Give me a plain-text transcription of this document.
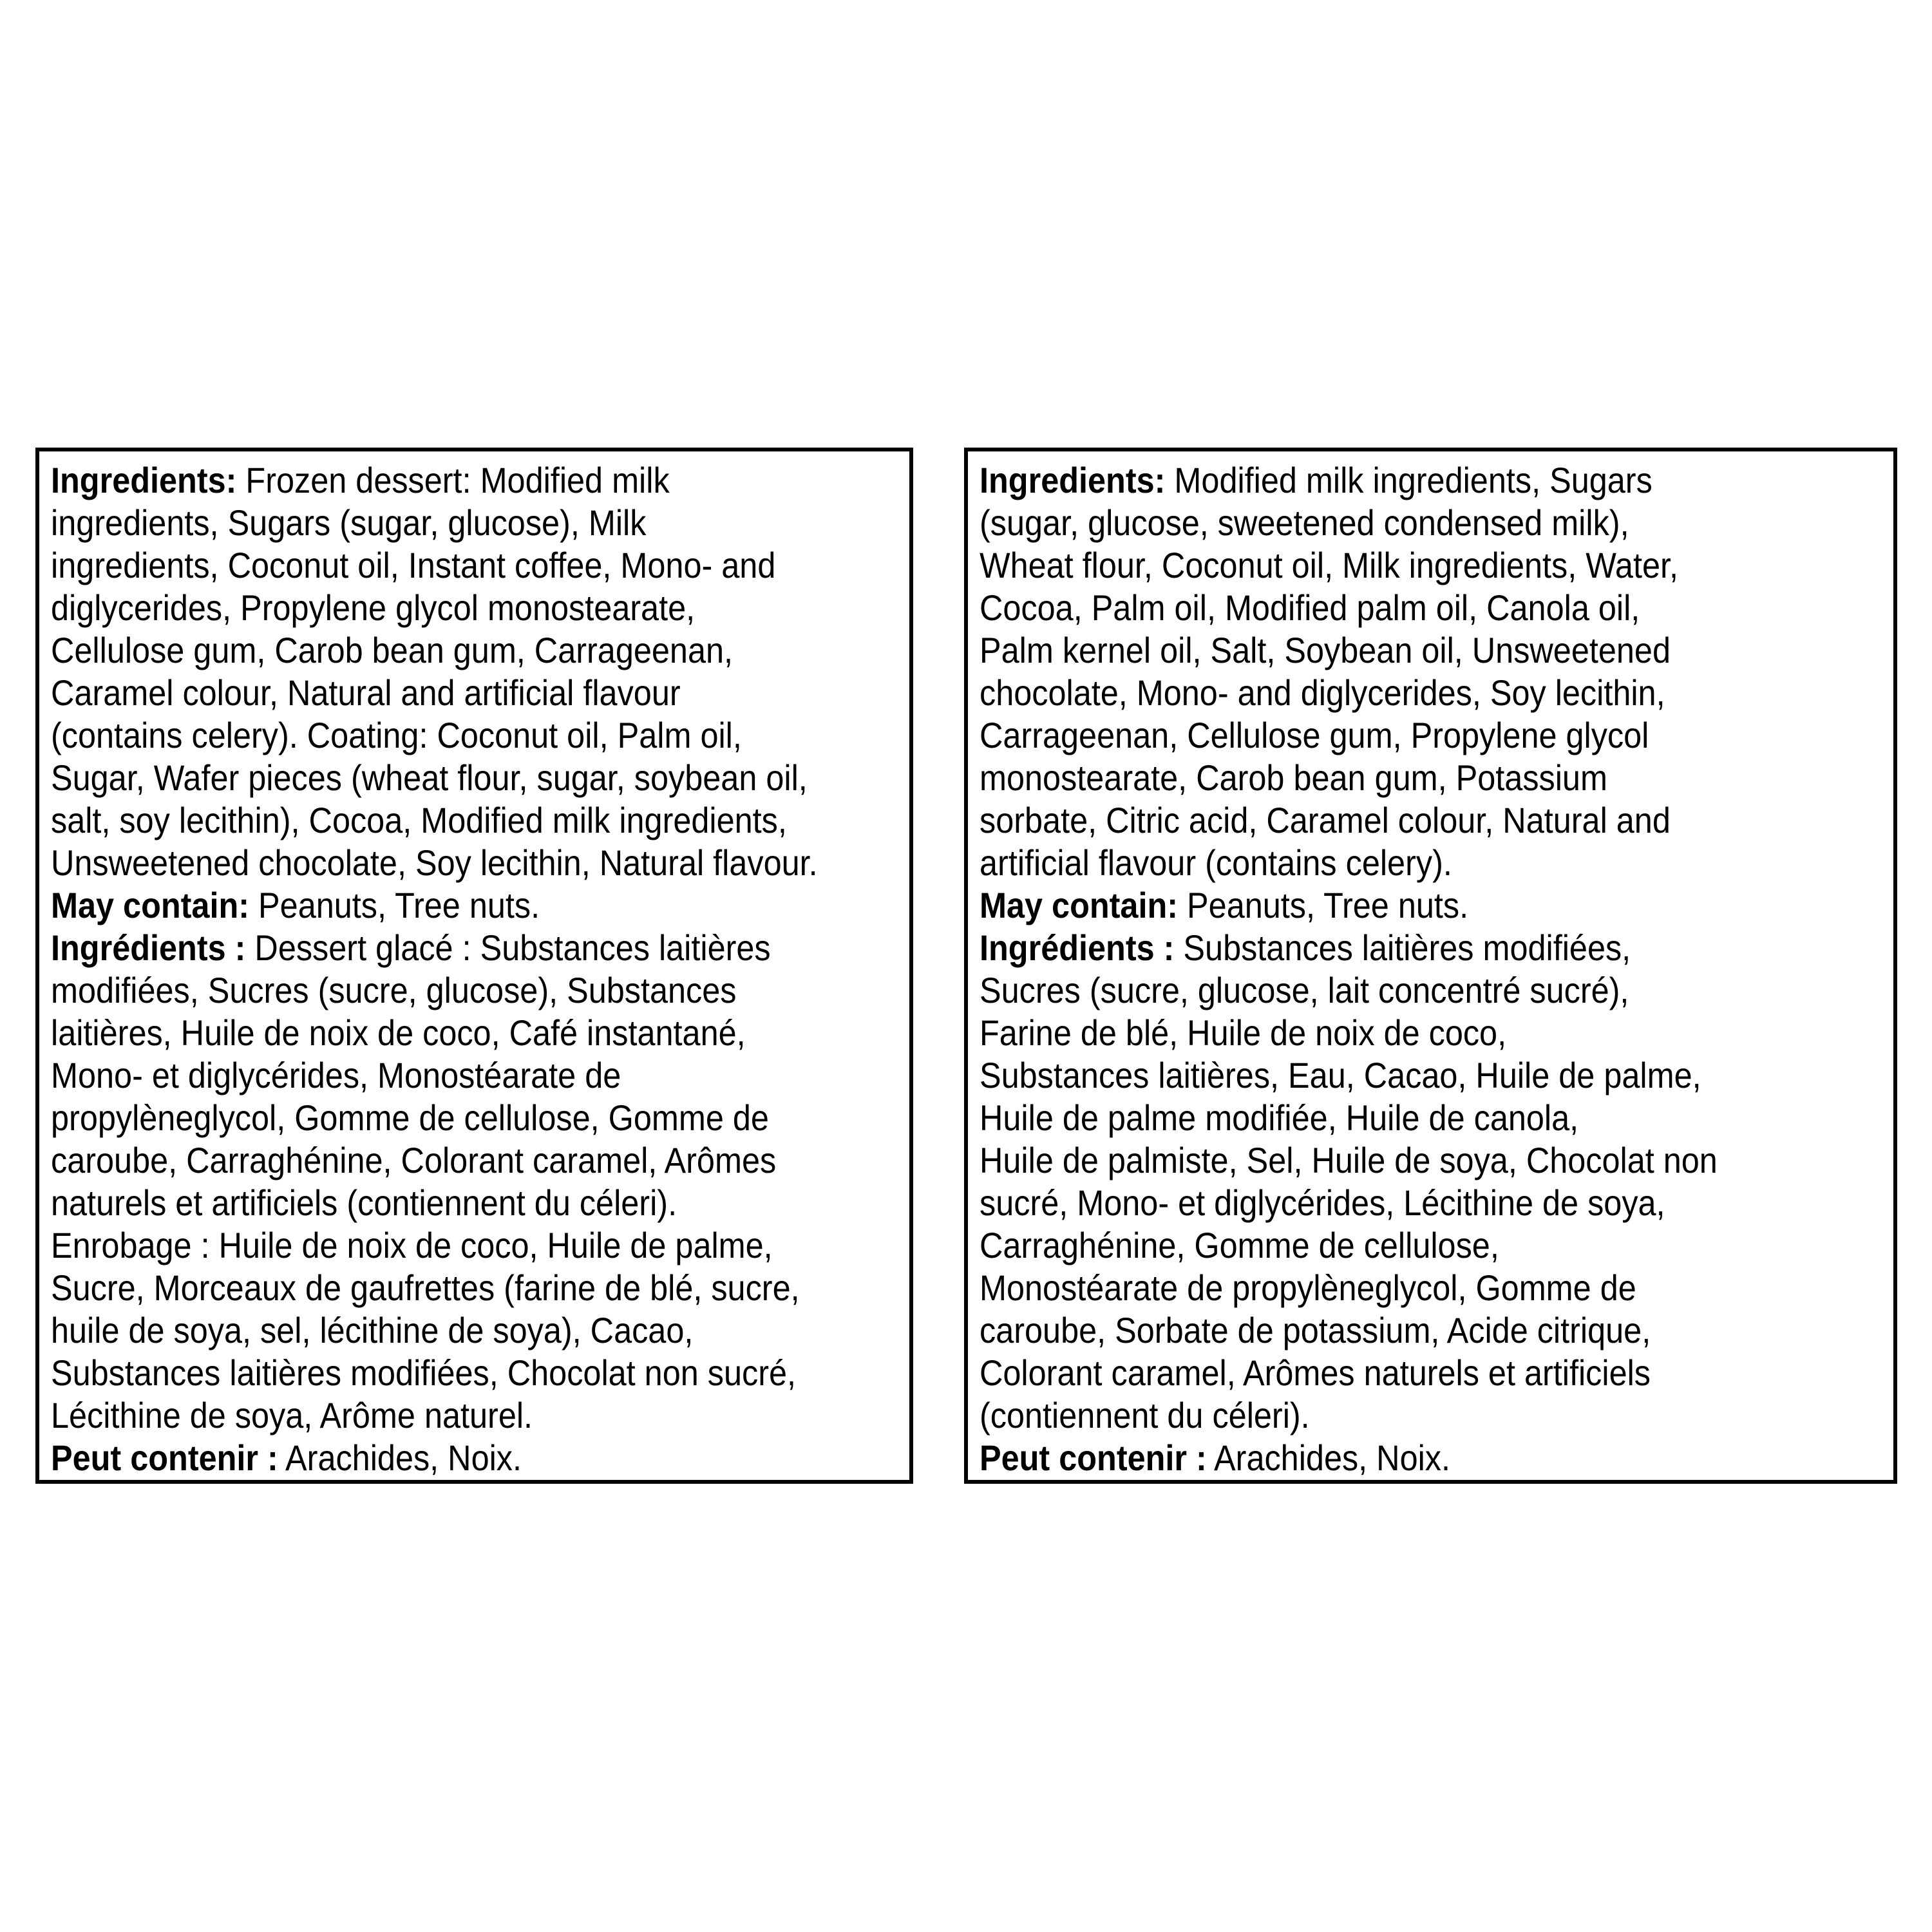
Ingredients: Frozen dessert: Modified milk
ingredients, Sugars (sugar, glucose), Milk
ingredients, Coconut oil, Instant coffee, Mono- and
diglycerides, Propylene glycol monostearate,
Cellulose gum, Carob bean gum, Carrageenan,
Caramel colour, Natural and artificial flavour
(contains celery). Coating: Coconut oil, Palm oil,
Sugar, Wafer pieces (wheat flour, sugar, soybean oil,
salt, soy lecithin), Cocoa, Modified milk ingredients,
Unsweetened chocolate, Soy lecithin, Natural flavour.
May contain: Peanuts, Tree nuts.
Ingrédients : Dessert glacé : Substances laitières
modifiées, Sucres (sucre, glucose), Substances
laitières, Huile de noix de coco, Café instantané,
Mono- et diglycérides, Monostéarate de
propylèneglycol, Gomme de cellulose, Gomme de
caroube, Carraghénine, Colorant caramel, Arômes
naturels et artificiels (contiennent du céleri).
Enrobage : Huile de noix de coco, Huile de palme,
Sucre, Morceaux de gaufrettes (farine de blé, sucre,
huile de soya, sel, lécithine de soya), Cacao,
Substances laitières modifiées, Chocolat non sucré,
Lécithine de soya, Arôme naturel.
Peut contenir : Arachides, Noix.
Ingredients: Modified milk ingredients, Sugars
(sugar, glucose, sweetened condensed milk),
Wheat flour, Coconut oil, Milk ingredients, Water,
Cocoa, Palm oil, Modified palm oil, Canola oil,
Palm kernel oil, Salt, Soybean oil, Unsweetened
chocolate, Mono- and diglycerides, Soy lecithin,
Carrageenan, Cellulose gum, Propylene glycol
monostearate, Carob bean gum, Potassium
sorbate, Citric acid, Caramel colour, Natural and
artificial flavour (contains celery).
May contain: Peanuts, Tree nuts.
Ingrédients : Substances laitières modifiées,
Sucres (sucre, glucose, lait concentré sucré),
Farine de blé, Huile de noix de coco,
Substances laitières, Eau, Cacao, Huile de palme,
Huile de palme modifiée, Huile de canola,
Huile de palmiste, Sel, Huile de soya, Chocolat non
sucré, Mono- et diglycérides, Lécithine de soya,
Carraghénine, Gomme de cellulose,
Monostéarate de propylèneglycol, Gomme de
caroube, Sorbate de potassium, Acide citrique,
Colorant caramel, Arômes naturels et artificiels
(contiennent du céleri).
Peut contenir : Arachides, Noix.
